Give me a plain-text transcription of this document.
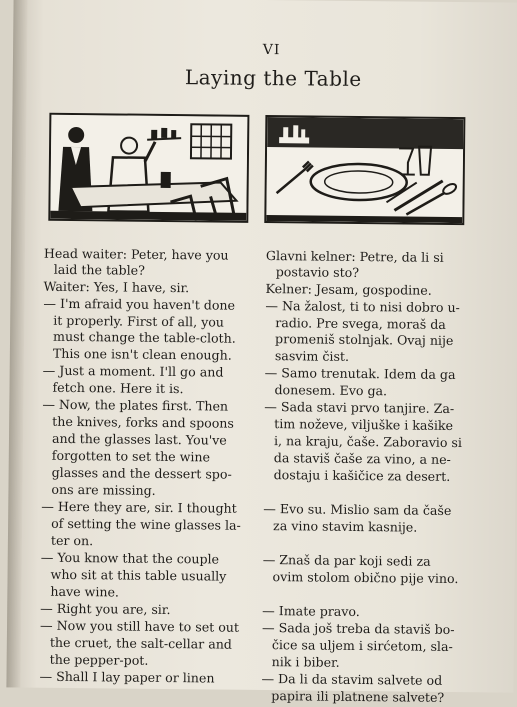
VI
Laying the Table
Head waiter: Peter, have you
laid the table?
Waiter: Yes, I have, sir.
— I'm afraid you haven't done
it properly. First of all, you
must change the table-cloth.
This one isn't clean enough.
— Just a moment. I'll go and
fetch one. Here it is.
— Now, the plates first. Then
the knives, forks and spoons
and the glasses last. You've
forgotten to set the wine
glasses and the dessert spo-
ons are missing.
— Here they are, sir. I thought
of setting the wine glasses la-
ter on.
— You know that the couple
who sit at this table usually
have wine.
— Right you are, sir.
— Now you still have to set out
the cruet, the salt-cellar and
the pepper-pot.
— Shall I lay paper or linen
Glavni kelner: Petre, da li si
postavio sto?
Kelner: Jesam, gospodine.
— Na žalost, ti to nisi dobro u-
radio. Pre svega, moraš da
promeniš stolnjak. Ovaj nije
sasvim čist.
— Samo trenutak. Idem da ga
donesem. Evo ga.
— Sada stavi prvo tanjire. Za-
tim noževe, viljuške i kašike
i, na kraju, čaše. Zaboravio si
da staviš čaše za vino, a ne-
dostaju i kašičice za desert.
— Evo su. Mislio sam da čaše
za vino stavim kasnije.
— Znaš da par koji sedi za
ovim stolom obično pije vino.
— Imate pravo.
— Sada još treba da staviš bo-
čice sa uljem i sirćetom, sla-
nik i biber.
— Da li da stavim salvete od
papira ili platnene salvete?
